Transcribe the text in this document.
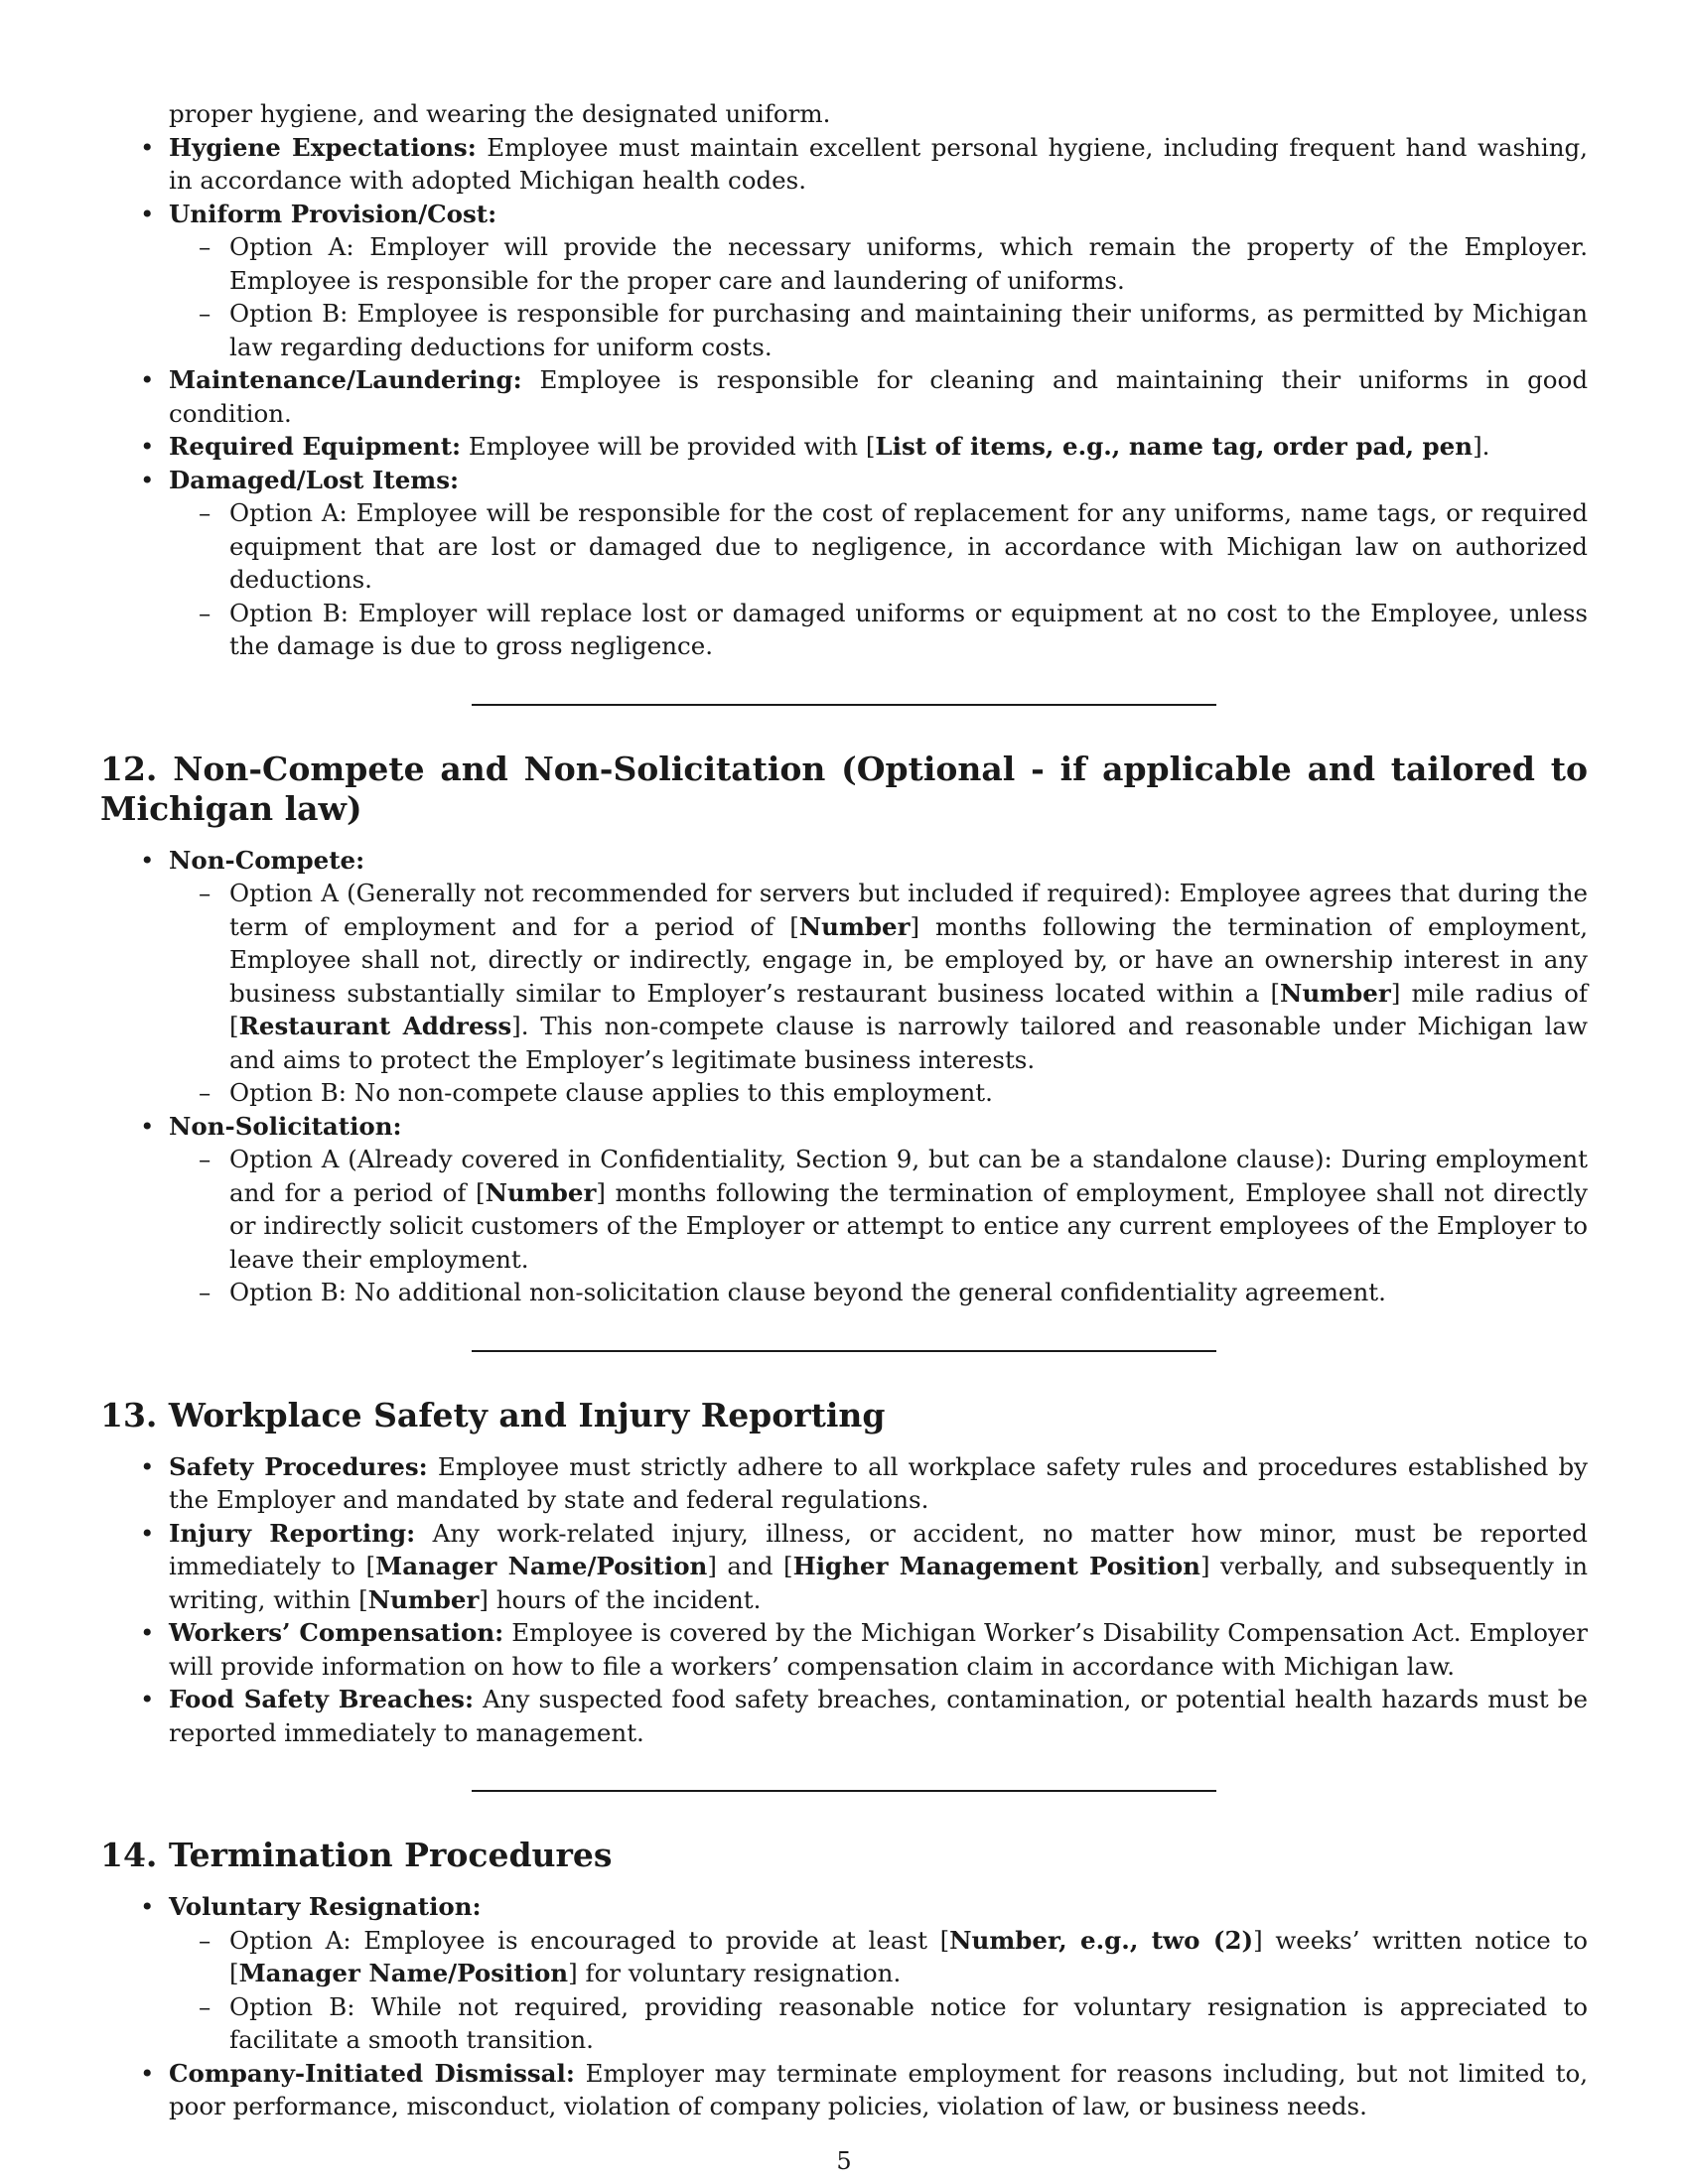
proper hygiene, and wearing the designated uniform.

• Hygiene Expectations: Employee must maintain excellent personal hygiene, including frequent hand washing, in accordance with adopted Michigan health codes.
• Uniform Provision/Cost:
– Option A: Employer will provide the necessary uniforms, which remain the property of the Employer. Employee is responsible for the proper care and laundering of uniforms.
– Option B: Employee is responsible for purchasing and maintaining their uniforms, as permitted by Michigan law regarding deductions for uniform costs.
• Maintenance/Laundering: Employee is responsible for cleaning and maintaining their uniforms in good condition.
• Required Equipment: Employee will be provided with [List of items, e.g., name tag, order pad, pen].
• Damaged/Lost Items:
– Option A: Employee will be responsible for the cost of replacement for any uniforms, name tags, or required equipment that are lost or damaged due to negligence, in accordance with Michigan law on authorized deductions.
– Option B: Employer will replace lost or damaged uniforms or equipment at no cost to the Employee, unless the damage is due to gross negligence.
12. Non-Compete and Non-Solicitation (Optional - if applicable and tailored to Michigan law)
• Non-Compete:
– Option A (Generally not recommended for servers but included if required): Employee agrees that during the term of employment and for a period of [Number] months following the termination of employment, Employee shall not, directly or indirectly, engage in, be employed by, or have an ownership interest in any business substantially similar to Employer’s restaurant business located within a [Number] mile radius of [Restaurant Address]. This non-compete clause is narrowly tailored and reasonable under Michigan law and aims to protect the Employer’s legitimate business interests.
– Option B: No non-compete clause applies to this employment.
• Non-Solicitation:
– Option A (Already covered in Confidentiality, Section 9, but can be a standalone clause): During employment and for a period of [Number] months following the termination of employment, Employee shall not directly or indirectly solicit customers of the Employer or attempt to entice any current employees of the Employer to leave their employment.
– Option B: No additional non-solicitation clause beyond the general confidentiality agreement.
13. Workplace Safety and Injury Reporting
• Safety Procedures: Employee must strictly adhere to all workplace safety rules and procedures established by the Employer and mandated by state and federal regulations.
• Injury Reporting: Any work-related injury, illness, or accident, no matter how minor, must be reported immediately to [Manager Name/Position] and [Higher Management Position] verbally, and subsequently in writing, within [Number] hours of the incident.
• Workers’ Compensation: Employee is covered by the Michigan Worker’s Disability Compensation Act. Employer will provide information on how to file a workers’ compensation claim in accordance with Michigan law.
• Food Safety Breaches: Any suspected food safety breaches, contamination, or potential health hazards must be reported immediately to management.
14. Termination Procedures
• Voluntary Resignation:
– Option A: Employee is encouraged to provide at least [Number, e.g., two (2)] weeks’ written notice to [Manager Name/Position] for voluntary resignation.
– Option B: While not required, providing reasonable notice for voluntary resignation is appreciated to facilitate a smooth transition.
• Company-Initiated Dismissal: Employer may terminate employment for reasons including, but not limited to, poor performance, misconduct, violation of company policies, violation of law, or business needs.
5
